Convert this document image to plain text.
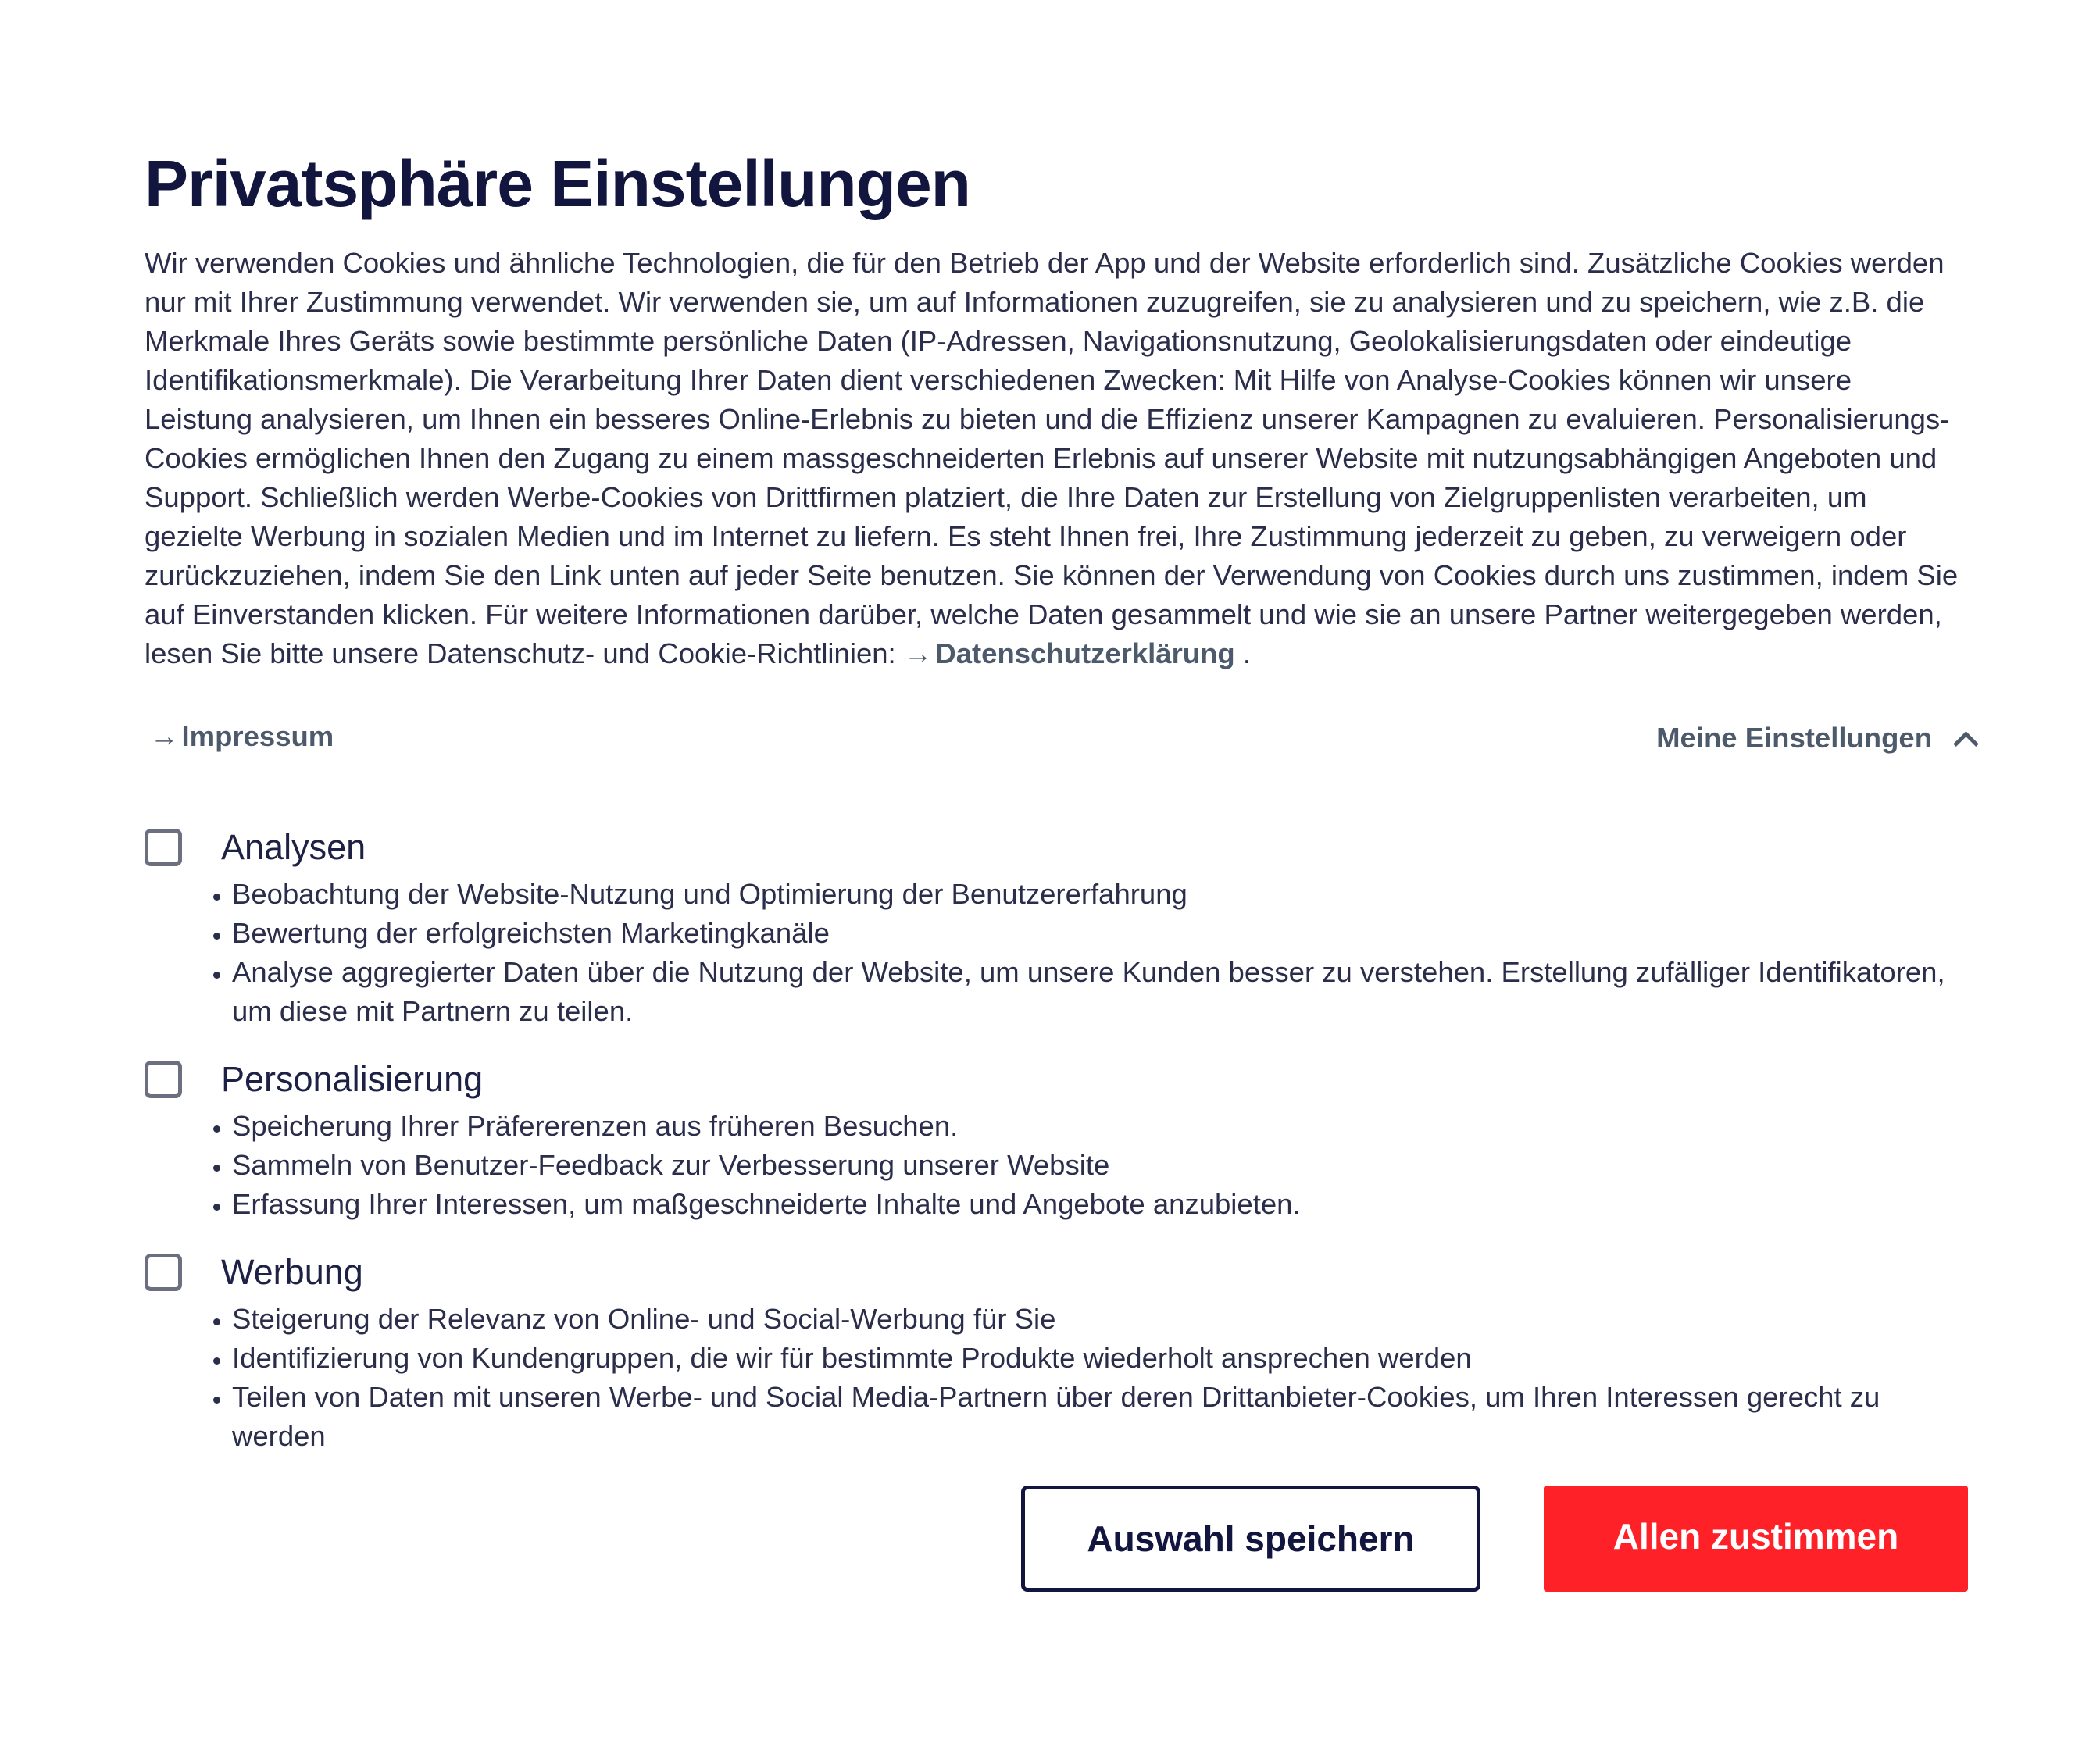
Privatsphäre Einstellungen

Wir verwenden Cookies und ähnliche Technologien, die für den Betrieb der App und der Website erforderlich sind. Zusätzliche Cookies werden nur mit Ihrer Zustimmung verwendet. Wir verwenden sie, um auf Informationen zuzugreifen, sie zu analysieren und zu speichern, wie z.B. die Merkmale Ihres Geräts sowie bestimmte persönliche Daten (IP-Adressen, Navigationsnutzung, Geolokalisierungsdaten oder eindeutige Identifikationsmerkmale). Die Verarbeitung Ihrer Daten dient verschiedenen Zwecken: Mit Hilfe von Analyse-Cookies können wir unsere Leistung analysieren, um Ihnen ein besseres Online-Erlebnis zu bieten und die Effizienz unserer Kampagnen zu evaluieren. Personalisierungs-Cookies ermöglichen Ihnen den Zugang zu einem massgeschneiderten Erlebnis auf unserer Website mit nutzungsabhängigen Angeboten und Support. Schließlich werden Werbe-Cookies von Drittfirmen platziert, die Ihre Daten zur Erstellung von Zielgruppenlisten verarbeiten, um gezielte Werbung in sozialen Medien und im Internet zu liefern. Es steht Ihnen frei, Ihre Zustimmung jederzeit zu geben, zu verweigern oder zurückzuziehen, indem Sie den Link unten auf jeder Seite benutzen. Sie können der Verwendung von Cookies durch uns zustimmen, indem Sie auf Einverstanden klicken. Für weitere Informationen darüber, welche Daten gesammelt und wie sie an unsere Partner weitergegeben werden, lesen Sie bitte unsere Datenschutz- und Cookie-Richtlinien: → Datenschutzerklärung .

→ Impressum	Meine Einstellungen
Analysen
• Beobachtung der Website-Nutzung und Optimierung der Benutzererfahrung
• Bewertung der erfolgreichsten Marketingkanäle
• Analyse aggregierter Daten über die Nutzung der Website, um unsere Kunden besser zu verstehen. Erstellung zufälliger Identifikatoren, um diese mit Partnern zu teilen.
Personalisierung
• Speicherung Ihrer Präfererenzen aus früheren Besuchen.
• Sammeln von Benutzer-Feedback zur Verbesserung unserer Website
• Erfassung Ihrer Interessen, um maßgeschneiderte Inhalte und Angebote anzubieten.
Werbung
• Steigerung der Relevanz von Online- und Social-Werbung für Sie
• Identifizierung von Kundengruppen, die wir für bestimmte Produkte wiederholt ansprechen werden
• Teilen von Daten mit unseren Werbe- und Social Media-Partnern über deren Drittanbieter-Cookies, um Ihren Interessen gerecht zu werden
Auswahl speichern	Allen zustimmen
